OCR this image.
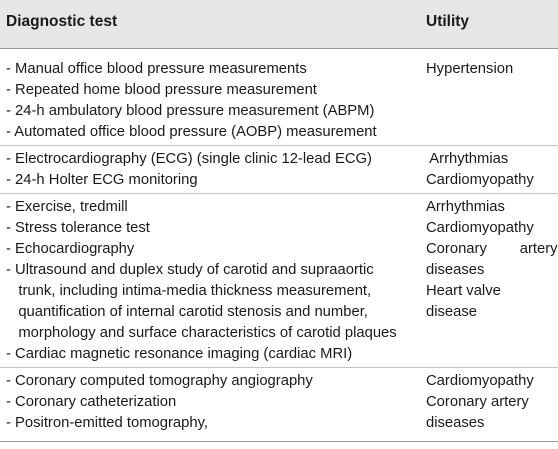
Diagnostic test	Utility
- Manual office blood pressure measurements
- Repeated home blood pressure measurement
- 24-h ambulatory blood pressure measurement (ABPM)
- Automated office blood pressure (AOBP) measurement
Hypertension
- Electrocardiography (ECG) (single clinic 12-lead ECG)
- 24-h Holter ECG monitoring
Arrhythmias
Cardiomyopathy
- Exercise, tredmill
- Stress tolerance test
- Echocardiography
- Ultrasound and duplex study of carotid and supraaortic
trunk, including intima-media thickness measurement,
quantification of internal carotid stenosis and number,
morphology and surface characteristics of carotid plaques
- Cardiac magnetic resonance imaging (cardiac MRI)
Arrhythmias
Cardiomyopathy
Coronary        artery
diseases
Heart valve
disease
- Coronary computed tomography angiography
- Coronary catheterization
- Positron-emitted tomography,
Cardiomyopathy
Coronary artery
diseases
